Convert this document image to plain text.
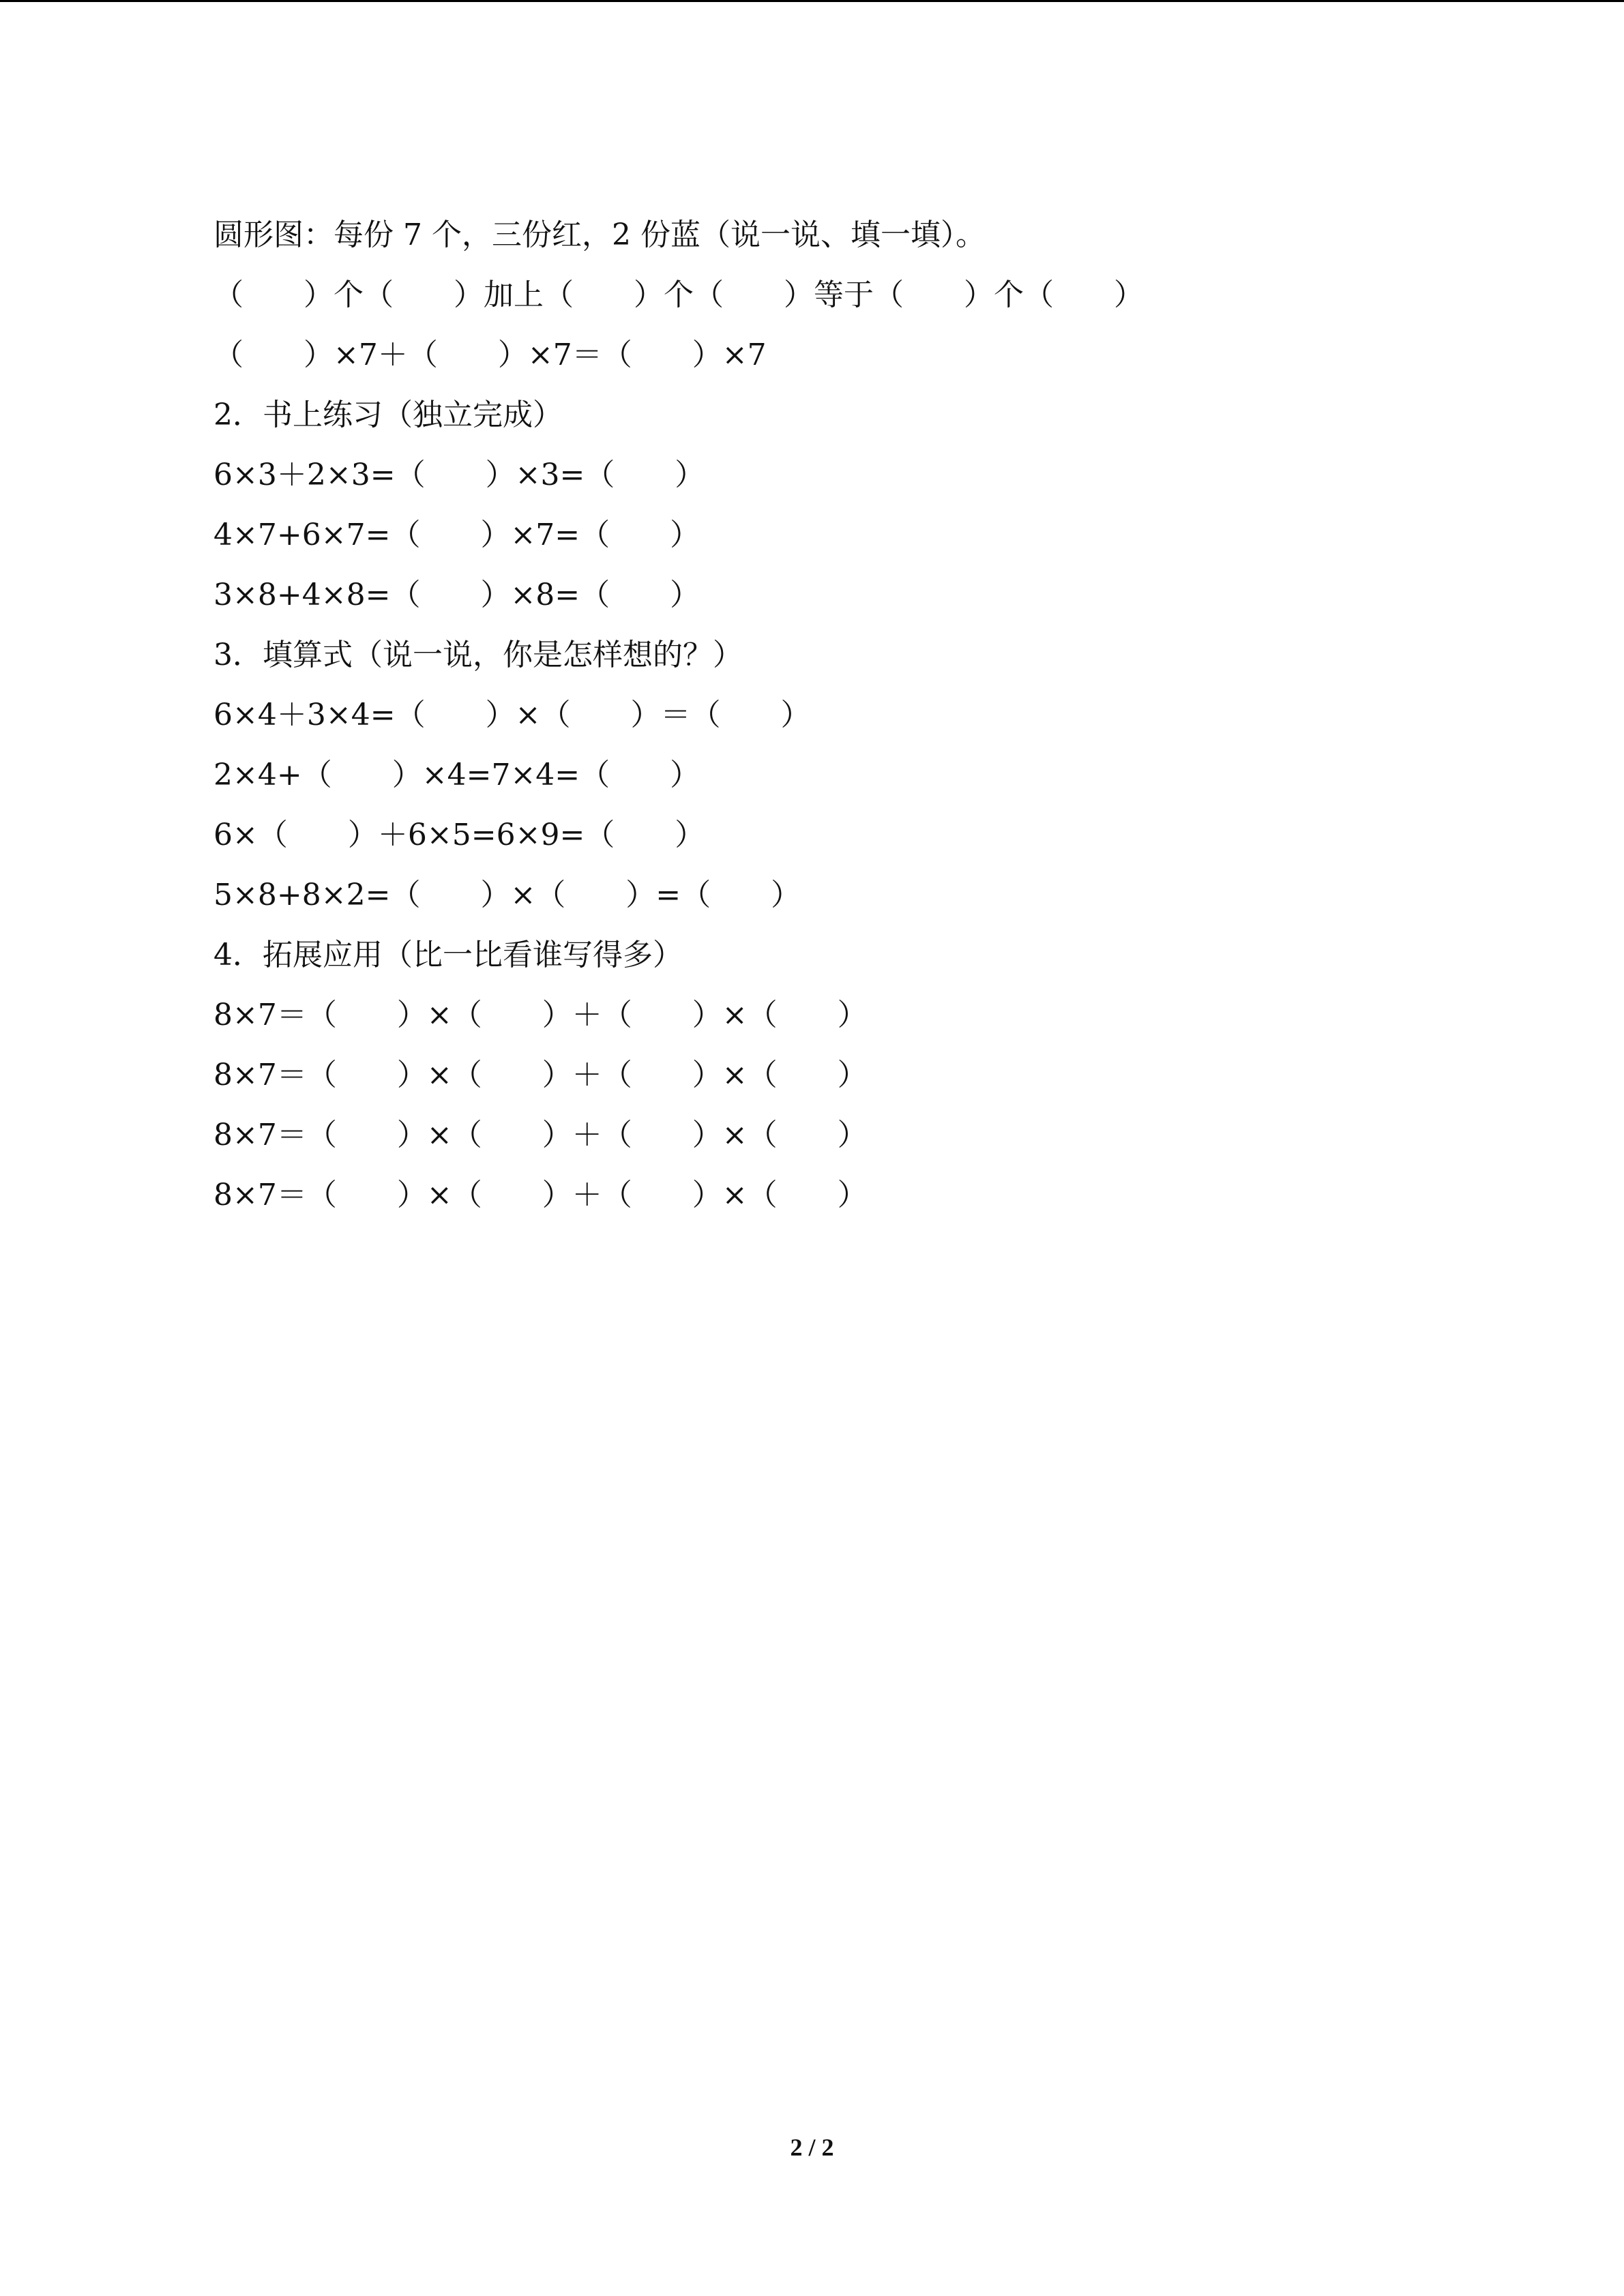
圆形图：每份 7 个，三份红，2 份蓝（说一说、填一填）。
（　　）个（　　）加上（　　）个（　　）等于（　　）个（　　）
（　　）×7＋（　　）×7＝（　　）×7
2．书上练习（独立完成）
6×3＋2×3=（　　）×3=（　　）
4×7+6×7=（　　）×7=（　　）
3×8+4×8=（　　）×8=（　　）
3．填算式（说一说，你是怎样想的？）
6×4＋3×4=（　　）×（　　）＝（　　）
2×4+（　　）×4=7×4=（　　）
6×（　　）＋6×5=6×9=（　　）
5×8+8×2=（　　）×（　　）=（　　）
4．拓展应用（比一比看谁写得多）
8×7＝（　　）×（　　）＋（　　）×（　　）
8×7＝（　　）×（　　）＋（　　）×（　　）
8×7＝（　　）×（　　）＋（　　）×（　　）
8×7＝（　　）×（　　）＋（　　）×（　　）
2 / 2
